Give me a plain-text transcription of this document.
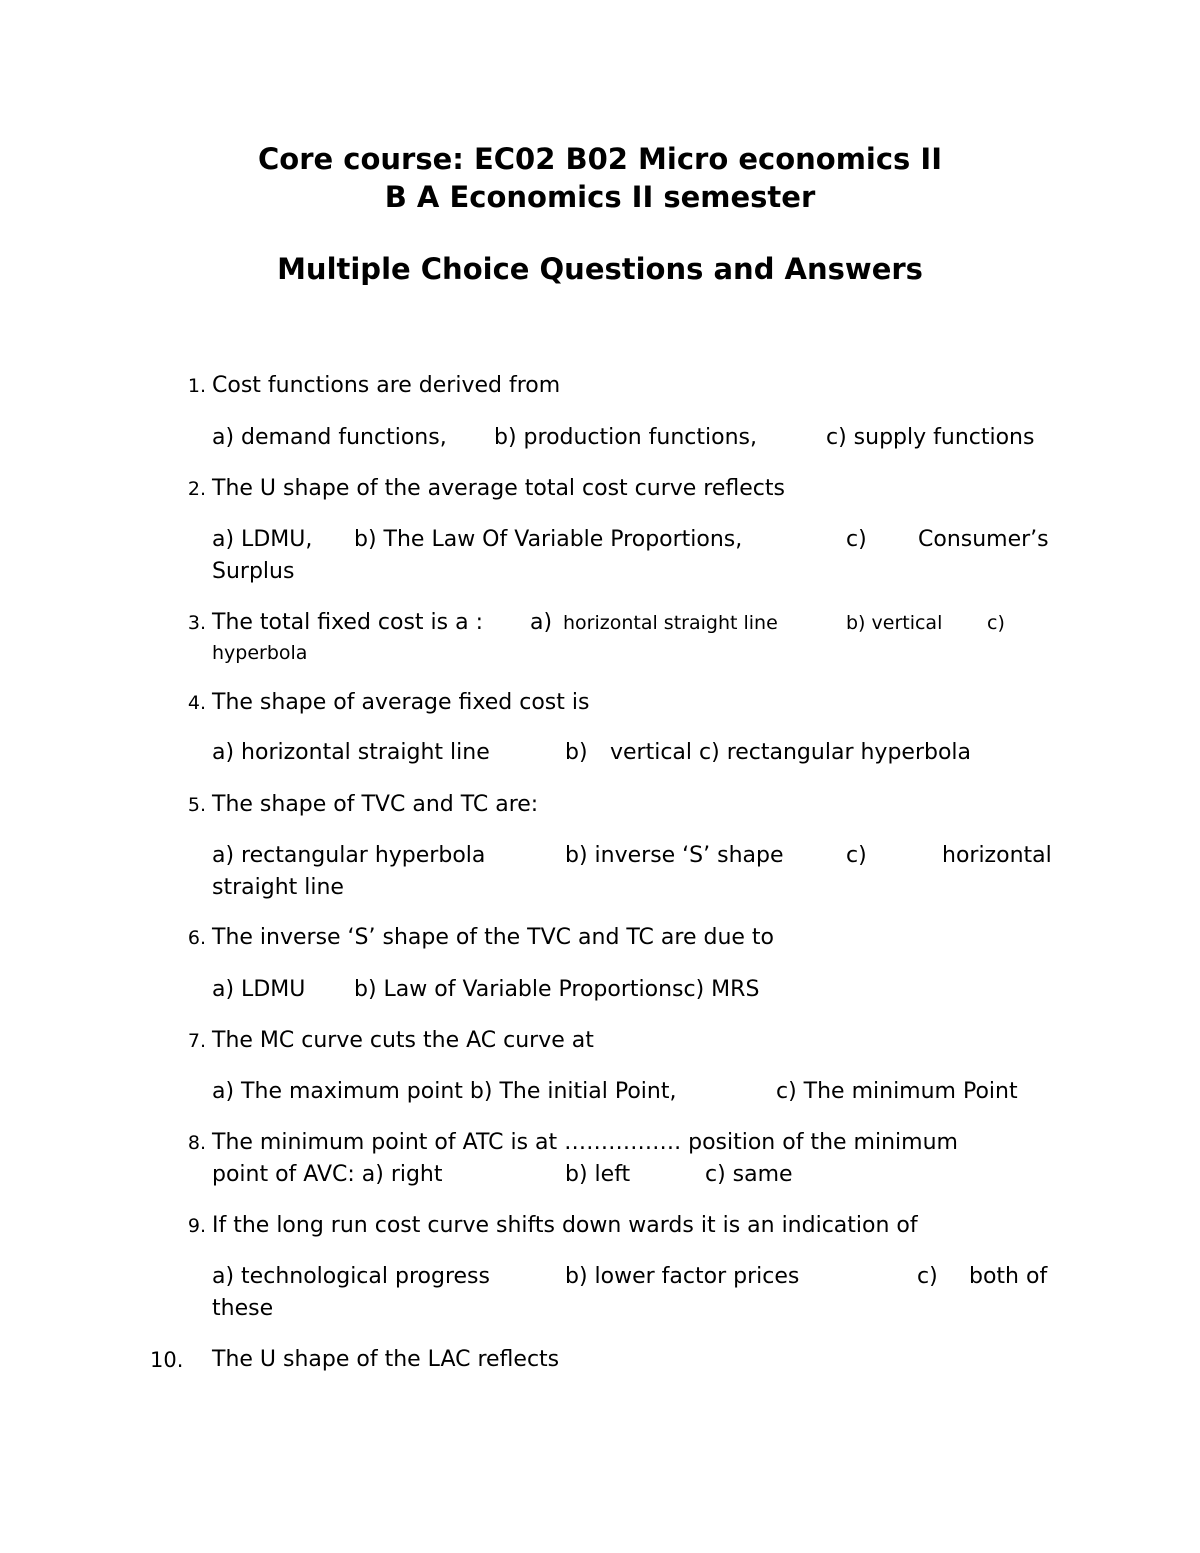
Core course: EC02 B02 Micro economics II
B A Economics II semester
Multiple Choice Questions and Answers
1. Cost functions are derived from
a) demand functions, b) production functions,	c) supply functions
2. The U shape of the average total cost curve reflects
a) LDMU, b) The Law Of Variable Proportions,	c) Consumer’s
Surplus
3. The total fixed cost is a : a) horizontal straight line	b) vertical c)
hyperbola
4. The shape of average fixed cost is
a) horizontal straight line	b) vertical c) rectangular hyperbola
5. The shape of TVC and TC are:
a) rectangular hyperbola	b) inverse ‘S’ shape	c)	horizontal
straight line
6. The inverse ‘S’ shape of the TVC and TC are due to
a) LDMU b) Law of Variable Proportionsc) MRS
7. The MC curve cuts the AC curve at
a) The maximum point b) The initial Point,	c) The minimum Point
8. The minimum point of ATC is at ……………. position of the minimum
point of AVC: a) right	b) left	c) same
9. If the long run cost curve shifts down wards it is an indication of
a) technological progress	b) lower factor prices	c) both of
these
10.	The U shape of the LAC reflects
